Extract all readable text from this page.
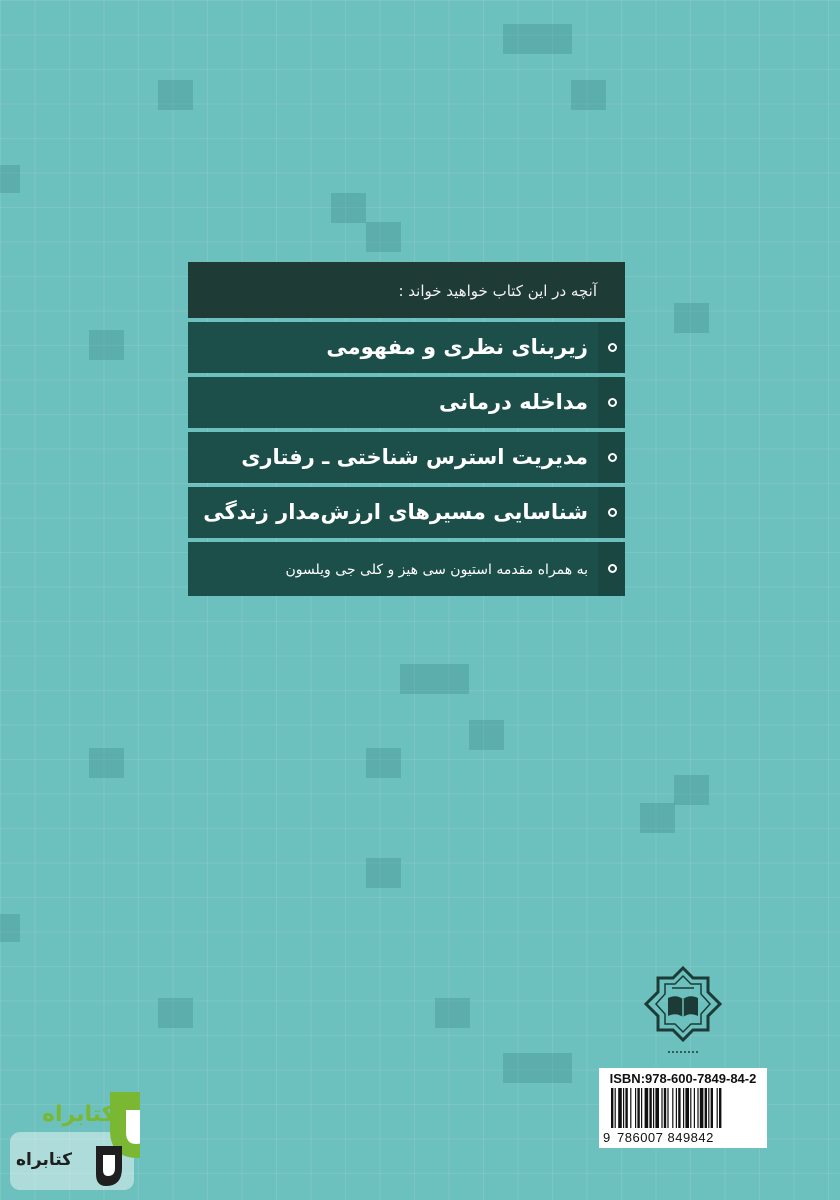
آنچه در این کتاب خواهید خواند :
زیربنای نظری و مفهومی
مداخله درمانی
مدیریت استرس شناختی ـ رفتاری
شناسایی مسیرهای ارزش‌مدار زندگی
به همراه مقدمه استیون سی هیز و کلی جی ویلسون
ISBN:978-600-7849-84-2
9 786007 849842
کتابراه
کتابراه
